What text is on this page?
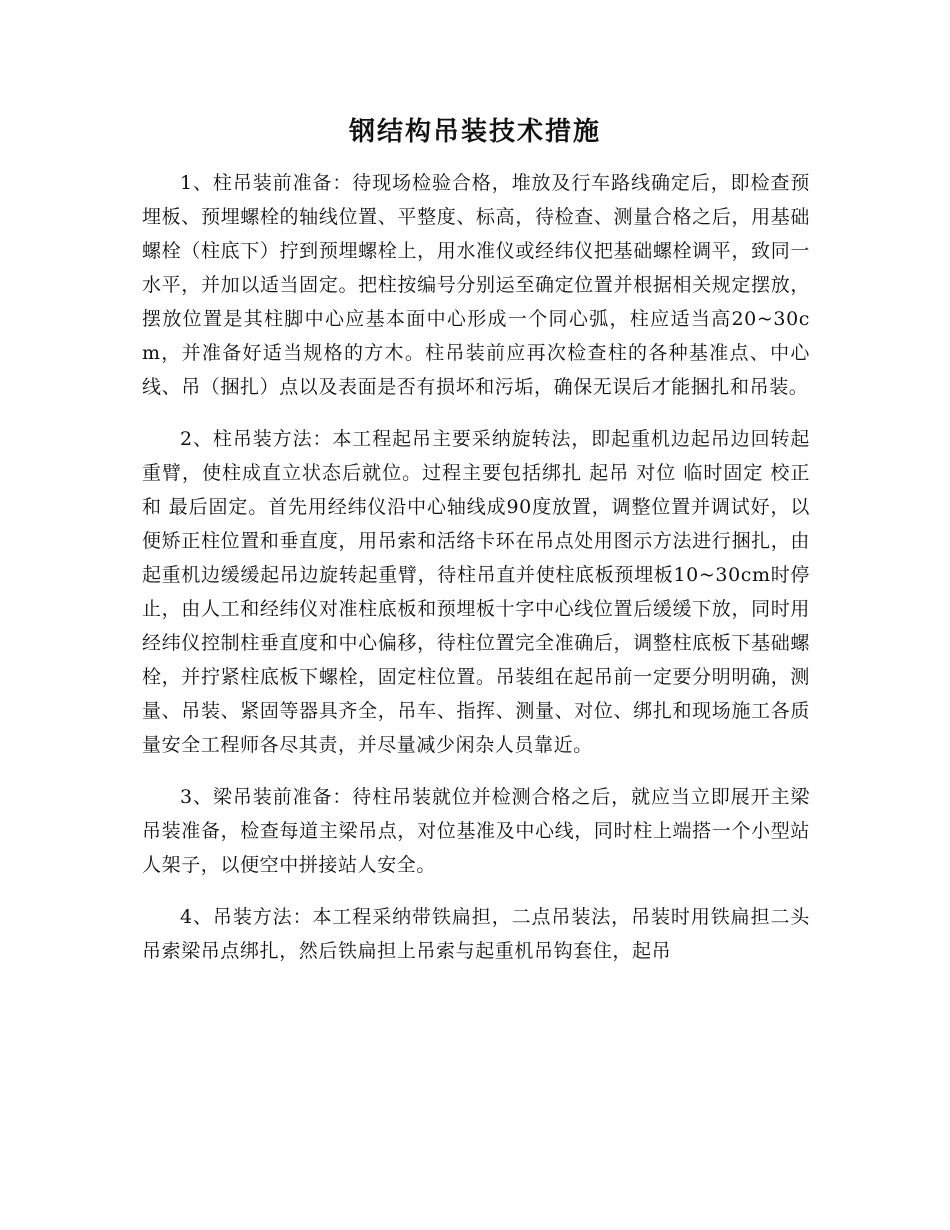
钢结构吊装技术措施

1、柱吊装前准备：待现场检验合格，堆放及行车路线确定后，即检查预埋板、预埋螺栓的轴线位置、平整度、标高，待检查、测量合格之后，用基础螺栓（柱底下）拧到预埋螺栓上，用水准仪或经纬仪把基础螺栓调平，致同一水平，并加以适当固定。把柱按编号分别运至确定位置并根据相关规定摆放，摆放位置是其柱脚中心应基本面中心形成一个同心弧，柱应适当高20~30cm，并准备好适当规格的方木。柱吊装前应再次检查柱的各种基准点、中心线、吊（捆扎）点以及表面是否有损坏和污垢，确保无误后才能捆扎和吊装。

2、柱吊装方法：本工程起吊主要采纳旋转法，即起重机边起吊边回转起重臂，使柱成直立状态后就位。过程主要包括绑扎 起吊 对位 临时固定 校正和 最后固定。首先用经纬仪沿中心轴线成90度放置，调整位置并调试好，以便矫正柱位置和垂直度，用吊索和活络卡环在吊点处用图示方法进行捆扎，由起重机边缓缓起吊边旋转起重臂，待柱吊直并使柱底板预埋板10~30cm时停止，由人工和经纬仪对准柱底板和预埋板十字中心线位置后缓缓下放，同时用经纬仪控制柱垂直度和中心偏移，待柱位置完全准确后，调整柱底板下基础螺栓，并拧紧柱底板下螺栓，固定柱位置。吊装组在起吊前一定要分明明确，测量、吊装、紧固等器具齐全，吊车、指挥、测量、对位、绑扎和现场施工各质量安全工程师各尽其责，并尽量减少闲杂人员靠近。

3、梁吊装前准备：待柱吊装就位并检测合格之后，就应当立即展开主梁吊装准备，检查每道主梁吊点，对位基准及中心线，同时柱上端搭一个小型站人架子，以便空中拼接站人安全。

4、吊装方法：本工程采纳带铁扁担，二点吊装法，吊装时用铁扁担二头吊索梁吊点绑扎，然后铁扁担上吊索与起重机吊钩套住，起吊
